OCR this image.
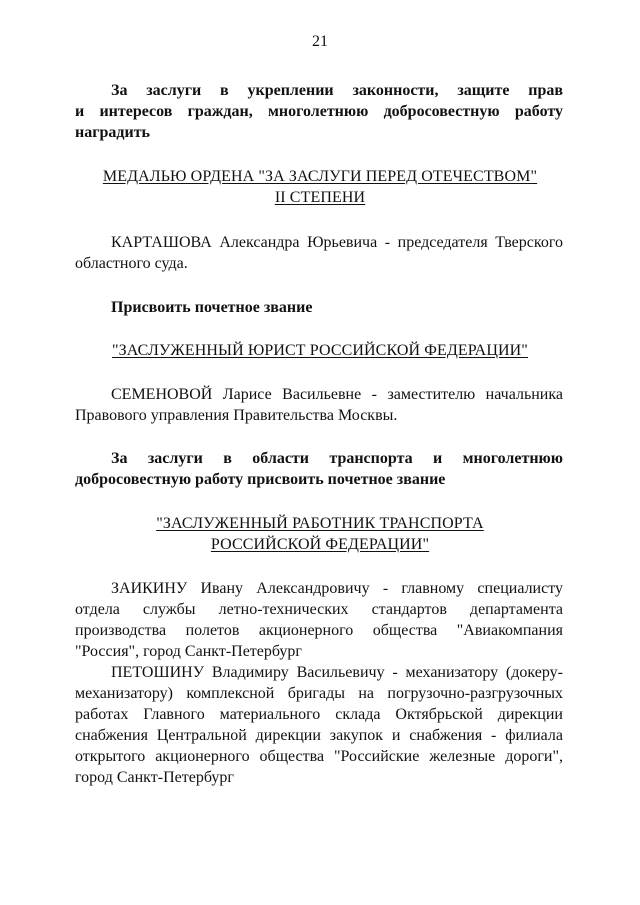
21
За заслуги в укреплении законности, защите прав
и интересов граждан, многолетнюю добросовестную работу
наградить
МЕДАЛЬЮ ОРДЕНА "ЗА ЗАСЛУГИ ПЕРЕД ОТЕЧЕСТВОМ"
II СТЕПЕНИ
КАРТАШОВА Александра Юрьевича - председателя Тверского
областного суда.
Присвоить почетное звание
"ЗАСЛУЖЕННЫЙ ЮРИСТ РОССИЙСКОЙ ФЕДЕРАЦИИ"
СЕМЕНОВОЙ Ларисе Васильевне - заместителю начальника
Правового управления Правительства Москвы.
За заслуги в области транспорта и многолетнюю
добросовестную работу присвоить почетное звание
"ЗАСЛУЖЕННЫЙ РАБОТНИК ТРАНСПОРТА
РОССИЙСКОЙ ФЕДЕРАЦИИ"
ЗАИКИНУ Ивану Александровичу - главному специалисту
отдела службы летно-технических стандартов департамента
производства полетов акционерного общества "Авиакомпания
"Россия", город Санкт-Петербург
ПЕТОШИНУ Владимиру Васильевичу - механизатору (докеру-
механизатору) комплексной бригады на погрузочно-разгрузочных
работах Главного материального склада Октябрьской дирекции
снабжения Центральной дирекции закупок и снабжения - филиала
открытого акционерного общества "Российские железные дороги",
город Санкт-Петербург
